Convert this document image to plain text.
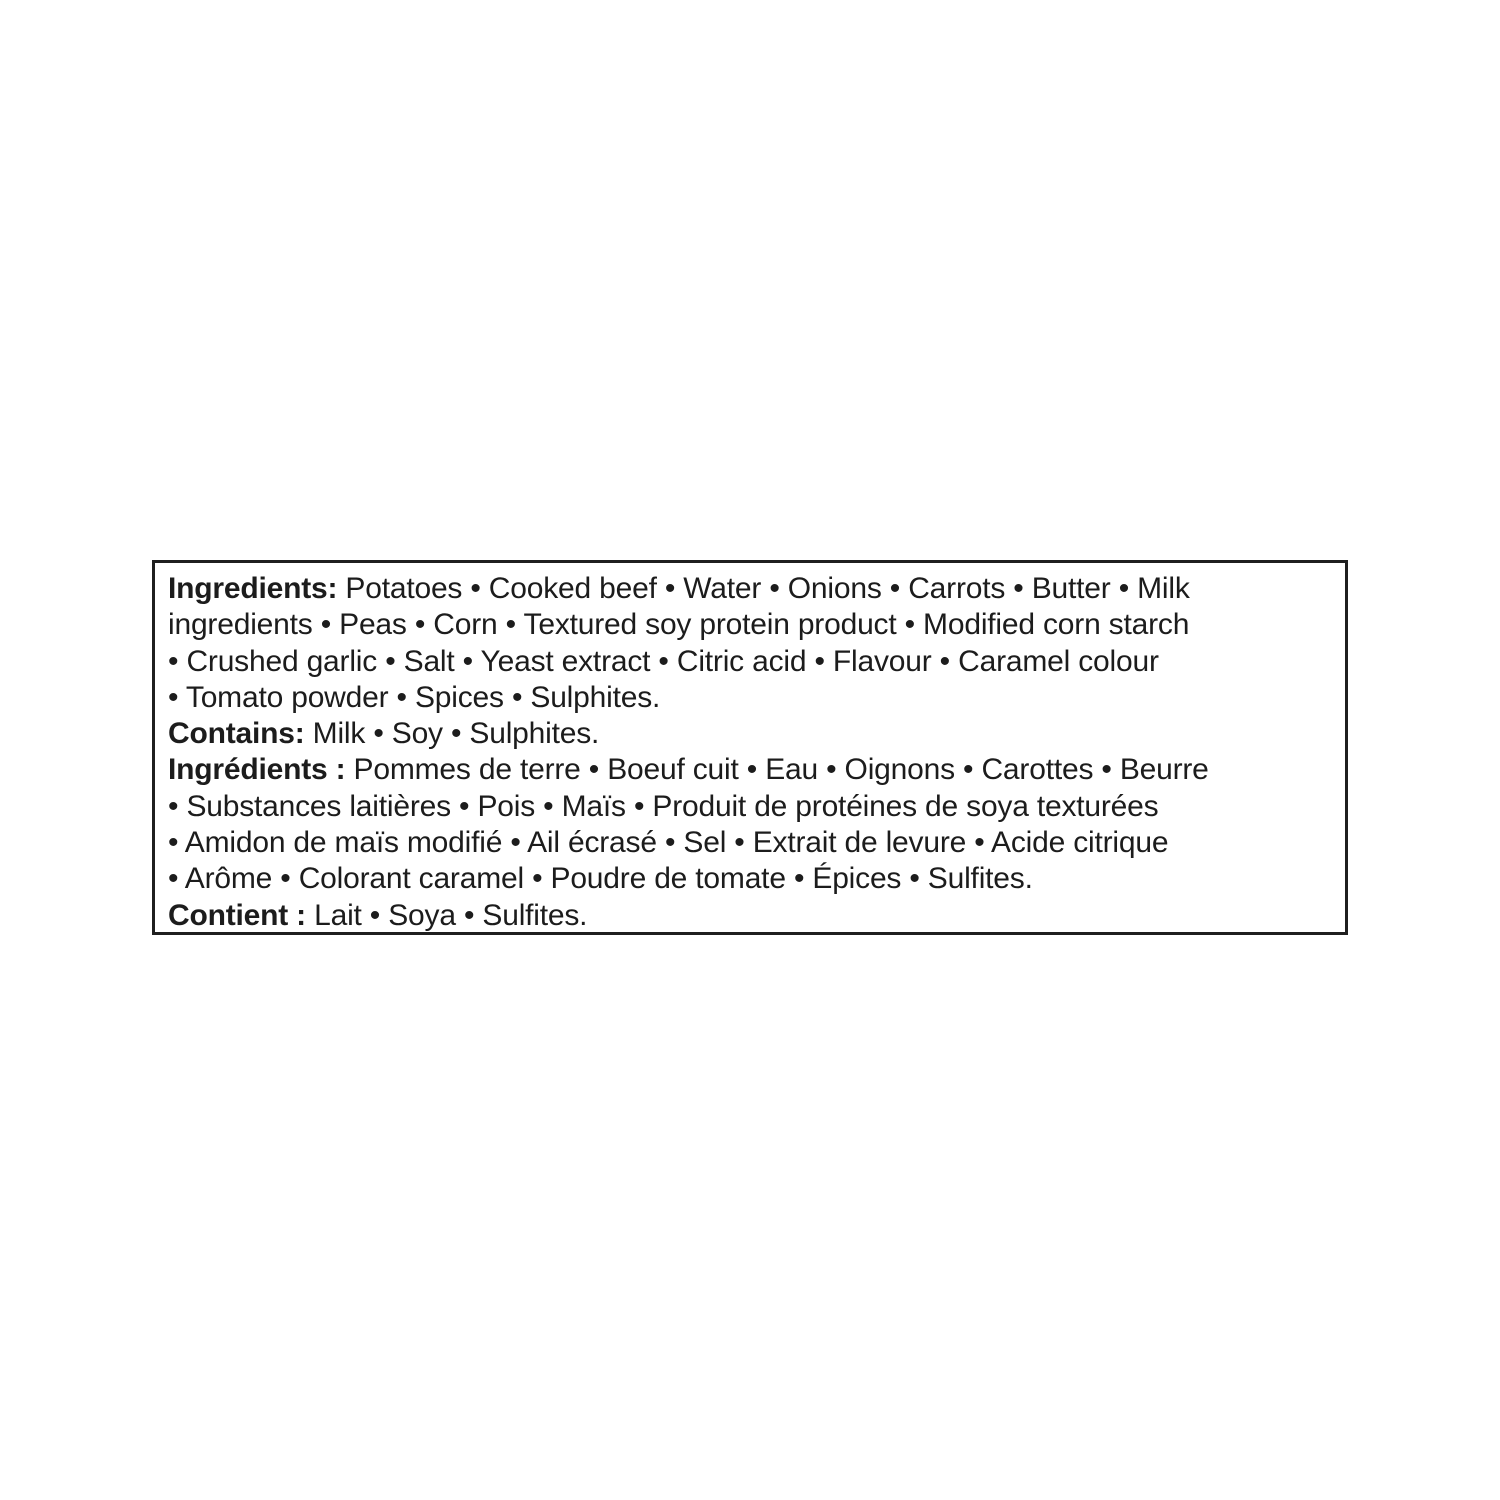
Ingredients: Potatoes • Cooked beef • Water • Onions • Carrots • Butter • Milk
ingredients • Peas • Corn • Textured soy protein product • Modified corn starch
• Crushed garlic • Salt • Yeast extract • Citric acid • Flavour • Caramel colour
• Tomato powder • Spices • Sulphites.
Contains: Milk • Soy • Sulphites.
Ingrédients : Pommes de terre • Boeuf cuit • Eau • Oignons • Carottes • Beurre
• Substances laitières • Pois • Maïs • Produit de protéines de soya texturées
• Amidon de maïs modifié • Ail écrasé • Sel • Extrait de levure • Acide citrique
• Arôme • Colorant caramel • Poudre de tomate • Épices • Sulfites.
Contient : Lait • Soya • Sulfites.
